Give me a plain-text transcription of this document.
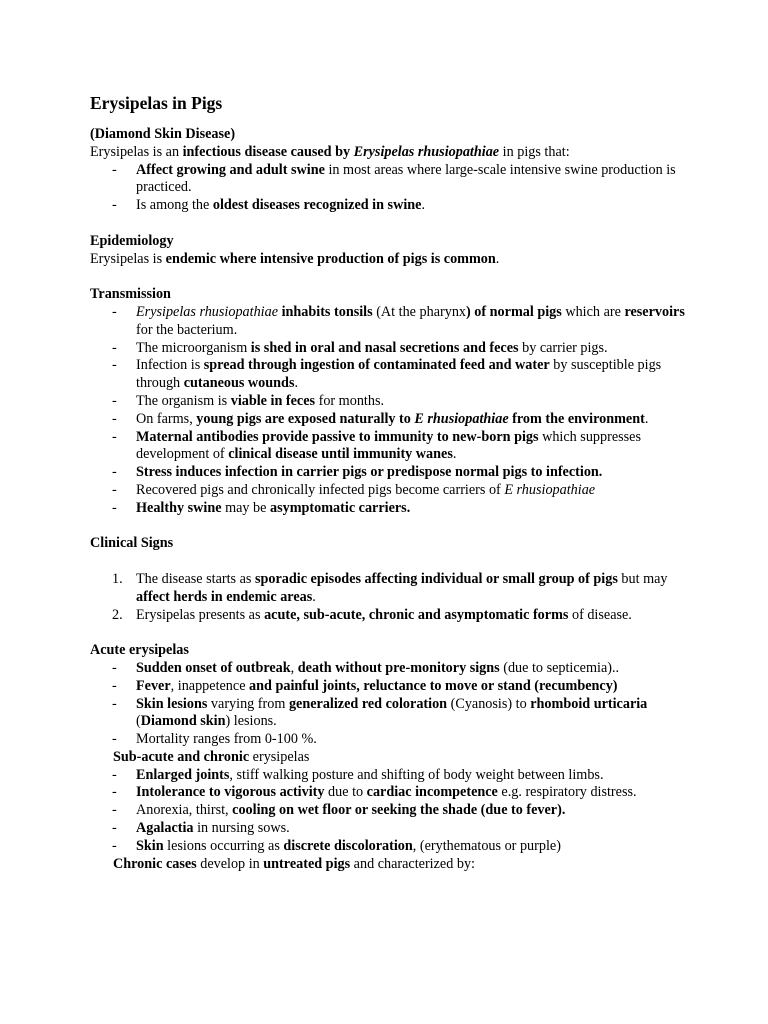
Erysipelas in Pigs

(Diamond Skin Disease)

Erysipelas is an infectious disease caused by Erysipelas rhusiopathiae in pigs that:

- Affect growing and adult swine in most areas where large-scale intensive swine production is practiced.
- Is among the oldest diseases recognized in swine.

Epidemiology

Erysipelas is endemic where intensive production of pigs is common.

Transmission

- Erysipelas rhusiopathiae inhabits tonsils (At the pharynx) of normal pigs which are reservoirs for the bacterium.
- The microorganism is shed in oral and nasal secretions and feces by carrier pigs.
- Infection is spread through ingestion of contaminated feed and water by susceptible pigs through cutaneous wounds.
- The organism is viable in feces for months.
- On farms, young pigs are exposed naturally to E rhusiopathiae from the environment.
- Maternal antibodies provide passive to immunity to new-born pigs which suppresses development of clinical disease until immunity wanes.
- Stress induces infection in carrier pigs or predispose normal pigs to infection.
- Recovered pigs and chronically infected pigs become carriers of E rhusiopathiae
- Healthy swine may be asymptomatic carriers.

Clinical Signs

1. The disease starts as sporadic episodes affecting individual or small group of pigs but may affect herds in endemic areas.
2. Erysipelas presents as acute, sub-acute, chronic and asymptomatic forms of disease.

Acute erysipelas

- Sudden onset of outbreak, death without pre-monitory signs (due to septicemia)..
- Fever, inappetence and painful joints, reluctance to move or stand (recumbency)
- Skin lesions varying from generalized red coloration (Cyanosis) to rhomboid urticaria (Diamond skin) lesions.
- Mortality ranges from 0-100 %.

Sub-acute and chronic erysipelas

- Enlarged joints, stiff walking posture and shifting of body weight between limbs.
- Intolerance to vigorous activity due to cardiac incompetence e.g. respiratory distress.
- Anorexia, thirst, cooling on wet floor or seeking the shade (due to fever).
- Agalactia in nursing sows.
- Skin lesions occurring as discrete discoloration, (erythematous or purple)

Chronic cases develop in untreated pigs and characterized by:
